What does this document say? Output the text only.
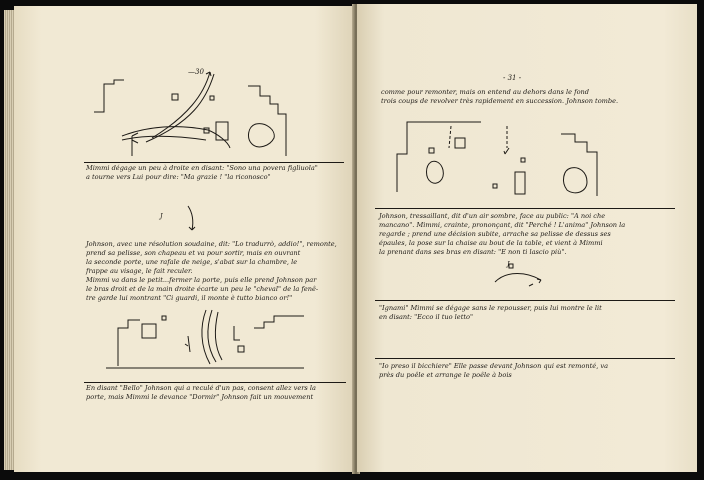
—30
Mimmi dégage un peu à droite en disant: "Sono una povera figliuola"
a tourne vers Lui pour dire: "Ma grazie ! "la riconosco"
J
Johnson, avec une résolution soudaine, dit: "Lo tradurrò, addio!", remonte,
prend sa pelisse, son chapeau et va pour sortir, mais en ouvrant
la seconde porte, une rafale de neige, s'abat sur la chambre, le
frappe au visage, le fait reculer.
Mimmi va dans le petit...fermer la porte, puis elle prend Johnson par
le bras droit et de la main droite écarte un peu le "cheval" de la fenê-
tre garde lui montrant "Ci guardi, il monte è tutto bianco or!"
En disant "Bello" Johnson qui a reculé d'un pas, consent allez vers la
porte, mais Mimmi le devance "Dormir" Johnson fait un mouvement
- 31 -
comme pour remonter, mais on entend au dehors dans le fond
trois coups de revolver très rapidement en succession. Johnson tombe.
Johnson, tressaillant, dit d'un air sombre, face au public: "A noi che
mancano". Mimmi, crainte, prononçant, dit "Perché ! L'anima" Johnson la
regarde ; prend une décision subite, arrache sa pelisse de dessus ses
épaules, la pose sur la chaise au bout de la table, et vient à Mimmi
la prenant dans ses bras en disant: "E non ti lascio più".
J
"Ignami" Mimmi se dégage sans le repousser, puis lui montre le lit
en disant: "Ecco il tuo letto"
"Io preso il bicchiere" Elle passe devant Johnson qui est remonté, va
près du poêle et arrange le poêle à bois
